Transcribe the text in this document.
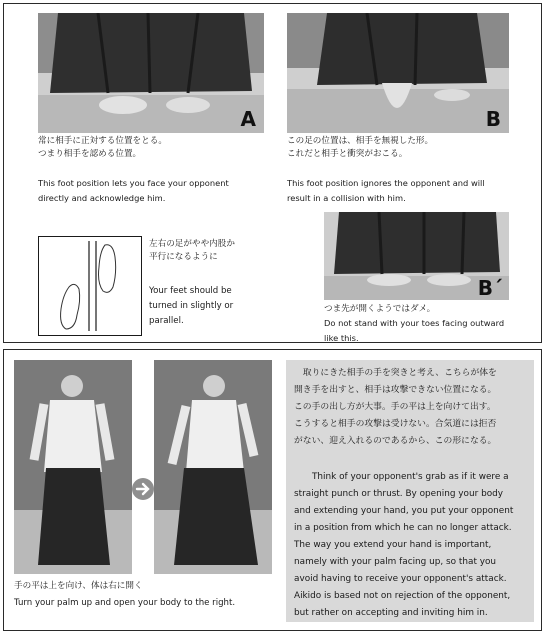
A
常に相手に正対する位置をとる。
つまり相手を認める位置。
This foot position lets you face your opponent
directly and acknowledge him.
B
この足の位置は、相手を無視した形。
これだと相手と衝突がおこる。
This foot position ignores the opponent and will
result in a collision with him.
左右の足がやや内股か
平行になるように
Your feet should be
turned in slightly or
parallel.
B´
つま先が開くようではダメ。
Do not stand with your toes facing outward
like this.
手の平は上を向け、体は右に開く
Turn your palm up and open your body to the right.
　取りにきた相手の手を突きと考え、こちらが体を
開き手を出すと、相手は攻撃できない位置になる。
この手の出し方が大事。手の平は上を向けて出す。
こうすると相手の攻撃は受けない。合気道には拒否
がない、迎え入れるのであるから、この形になる。
Think of your opponent's grab as if it were a
straight punch or thrust. By opening your body
and extending your hand, you put your opponent
in a position from which he can no longer attack.
The way you extend your hand is important,
namely with your palm facing up, so that you
avoid having to receive your opponent's attack.
Aikido is based not on rejection of the opponent,
but rather on accepting and inviting him in.
